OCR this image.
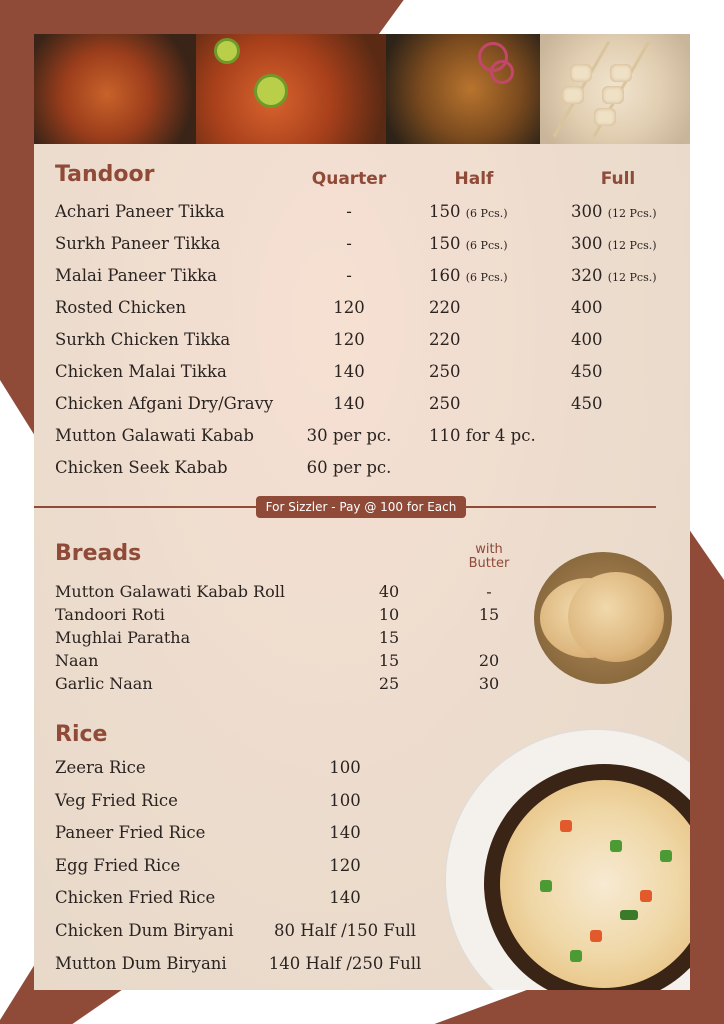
Tandoor	Quarter	Half	Full
Achari Paneer Tikka	-	150 (6 Pcs.)	300 (12 Pcs.)
Surkh Paneer Tikka	-	150 (6 Pcs.)	300 (12 Pcs.)
Malai Paneer Tikka	-	160 (6 Pcs.)	320 (12 Pcs.)
Rosted Chicken	120	220	400
Surkh Chicken Tikka	120	220	400
Chicken Malai Tikka	140	250	450
Chicken Afgani Dry/Gravy	140	250	450
Mutton Galawati Kabab	30 per pc.	110 for 4 pc.
Chicken Seek Kabab	60 per pc.
For Sizzler - Pay @ 100 for Each
Breads	with
Butter
Mutton Galawati Kabab Roll	40	-
Tandoori Roti	10	15
Mughlai Paratha	15
Naan	15	20
Garlic Naan	25	30
Rice
Zeera Rice	100
Veg Fried Rice	100
Paneer Fried Rice	140
Egg Fried Rice	120
Chicken Fried Rice	140
Chicken Dum Biryani	80 Half /150 Full
Mutton Dum Biryani	140 Half /250 Full
